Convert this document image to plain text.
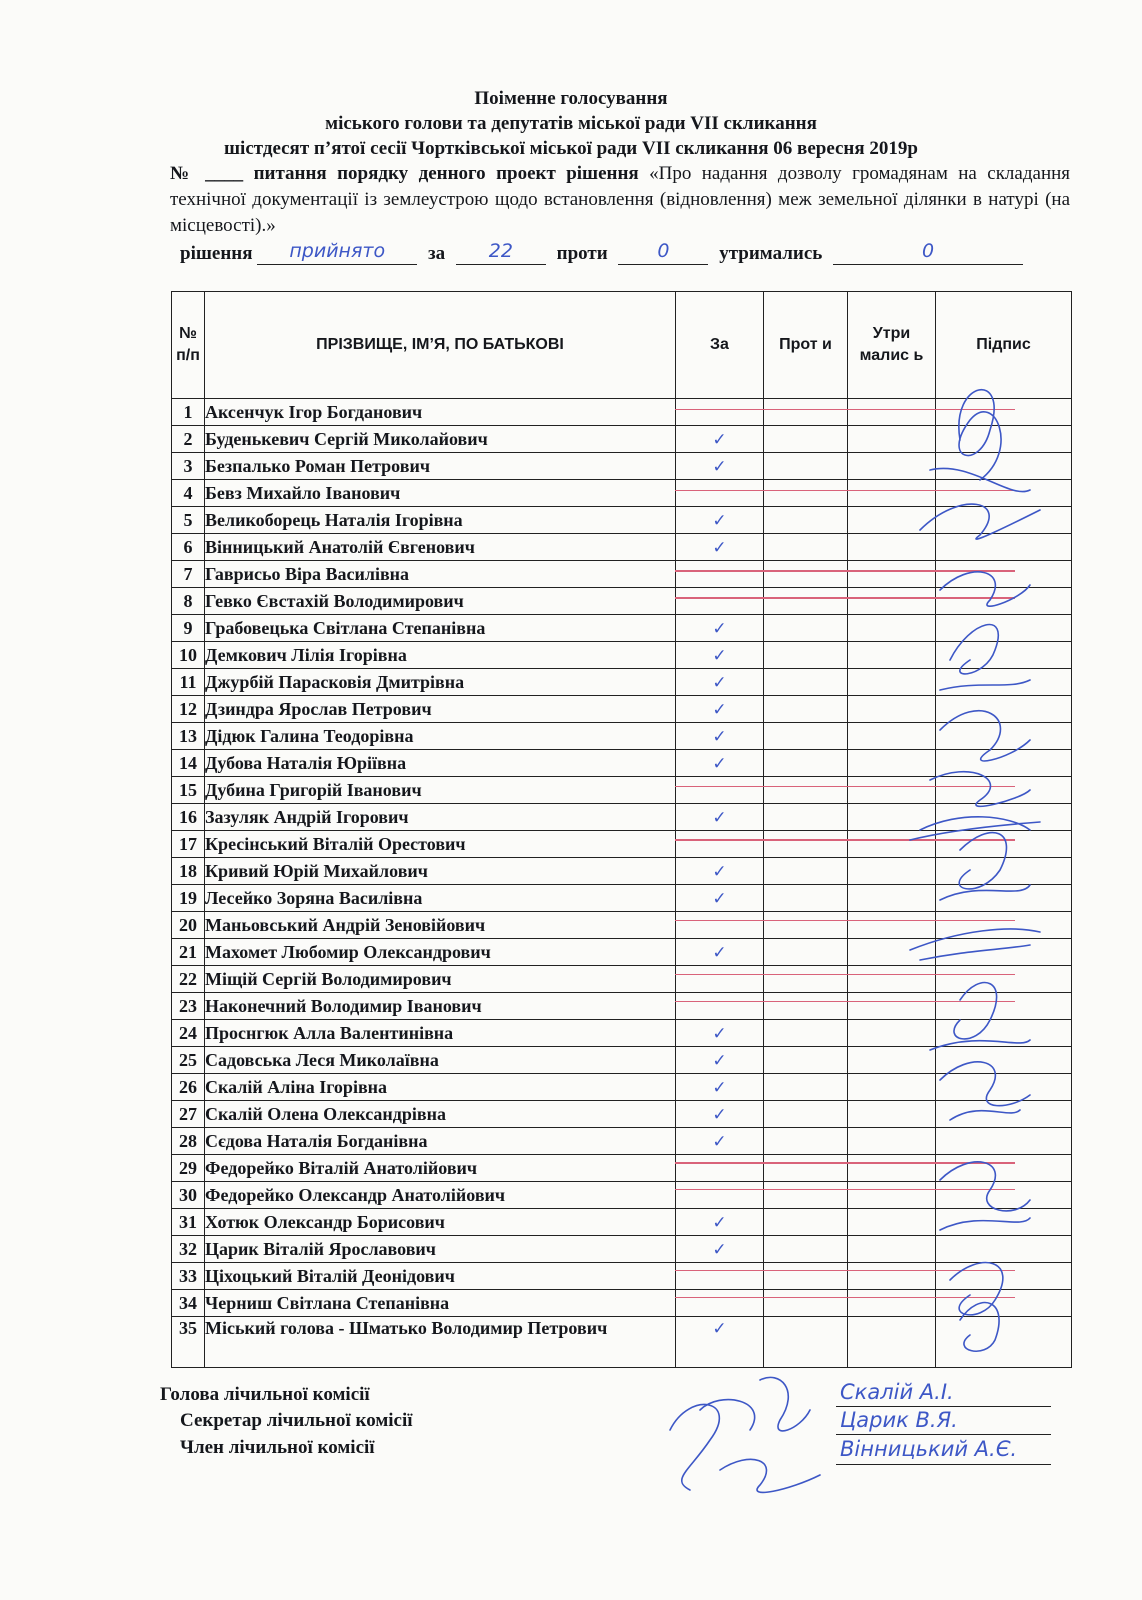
Поіменне голосування
міського голови та депутатів міської ради VII скликання
шістдесят п’ятої сесії Чортківської міської ради VII скликання 06 вересня 2019р
№ ____ питання порядку денного проект рішення «Про надання дозволу громадянам на складання технічної документації із землеустрою щодо встановлення (відновлення) меж земельної ділянки в натурі (на місцевості).»
рішення прийнято за 22 проти	0	утримались	0
№ п/п	ПРІЗВИЩЕ, ІМ’Я, ПО БАТЬКОВІ	За	Прот и	Утри малис ь	Підпис
1	Аксенчук Ігор Богданович				
2	Буденькевич Сергій Миколайович	✓			
3	Безпалько Роман Петрович	✓			
4	Бевз Михайло Іванович				
5	Великоборець Наталія Ігорівна	✓			
6	Вінницький Анатолій Євгенович	✓			
7	Гаврисьо Віра Василівна				
8	Гевко Євстахій Володимирович				
9	Грабовецька Світлана Степанівна	✓			
10	Демкович Лілія Ігорівна	✓			
11	Джурбій Парасковія Дмитрівна	✓			
12	Дзиндра Ярослав Петрович	✓			
13	Дідюк Галина Теодорівна	✓			
14	Дубова Наталія Юріївна	✓			
15	Дубина Григорій Іванович				
16	Зазуляк Андрій Ігорович	✓			
17	Кресінський Віталій Орестович				
18	Кривий Юрій Михайлович	✓			
19	Лесейко Зоряна Василівна	✓			
20	Маньовський Андрій Зеновійович				
21	Махомет Любомир Олександрович	✓			
22	Міщій Сергій Володимирович				
23	Наконечний Володимир Іванович				
24	Проснгюк Алла Валентинівна	✓			
25	Садовська Леся Миколаївна	✓			
26	Скалій Аліна Ігорівна	✓			
27	Скалій Олена Олександрівна	✓			
28	Сєдова Наталія Богданівна	✓			
29	Федорейко Віталій Анатолійович				
30	Федорейко Олександр Анатолійович				
31	Хотюк Олександр Борисович	✓			
32	Царик Віталій Ярославович	✓			
33	Ціхоцький Віталій Деонідович				
34	Черниш Світлана Степанівна				
35	Міський голова - Шматько Володимир Петрович	✓			
Голова лічильної комісії
Секретар лічильної комісії
Член лічильної комісії
Скалій А.І.
Царик В.Я.
Вінницький А.Є.
